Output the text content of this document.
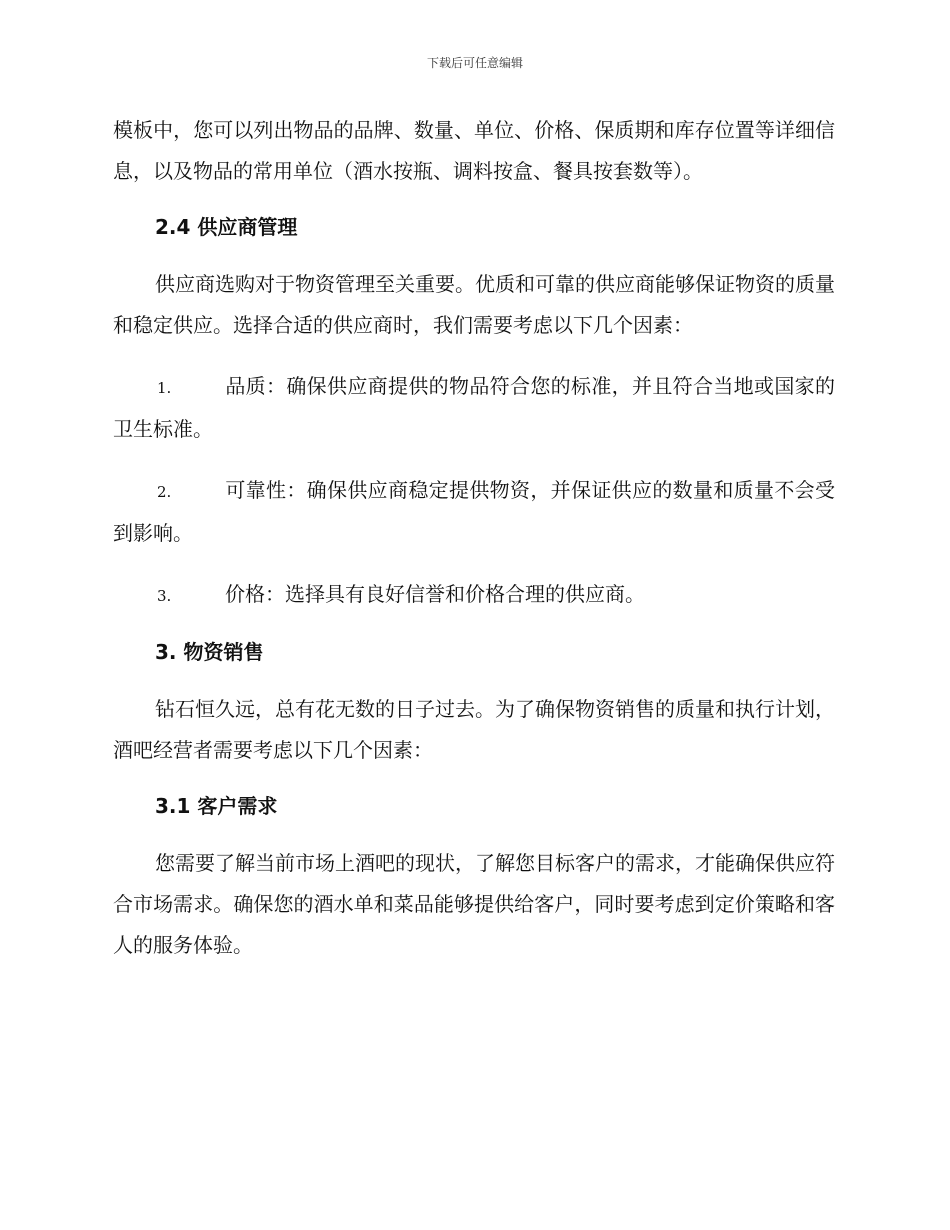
下载后可任意编辑

模板中，您可以列出物品的品牌、数量、单位、价格、保质期和库存位置等详细信息，以及物品的常用单位（酒水按瓶、调料按盒、餐具按套数等）。

2.4 供应商管理

供应商选购对于物资管理至关重要。优质和可靠的供应商能够保证物资的质量和稳定供应。选择合适的供应商时，我们需要考虑以下几个因素：

1.	品质：确保供应商提供的物品符合您的标准，并且符合当地或国家的卫生标准。
2.	可靠性：确保供应商稳定提供物资，并保证供应的数量和质量不会受到影响。
3.	价格：选择具有良好信誉和价格合理的供应商。
3. 物资销售

钻石恒久远，总有花无数的日子过去。为了确保物资销售的质量和执行计划，酒吧经营者需要考虑以下几个因素：

3.1 客户需求

您需要了解当前市场上酒吧的现状，了解您目标客户的需求，才能确保供应符合市场需求。确保您的酒水单和菜品能够提供给客户，同时要考虑到定价策略和客人的服务体验。
